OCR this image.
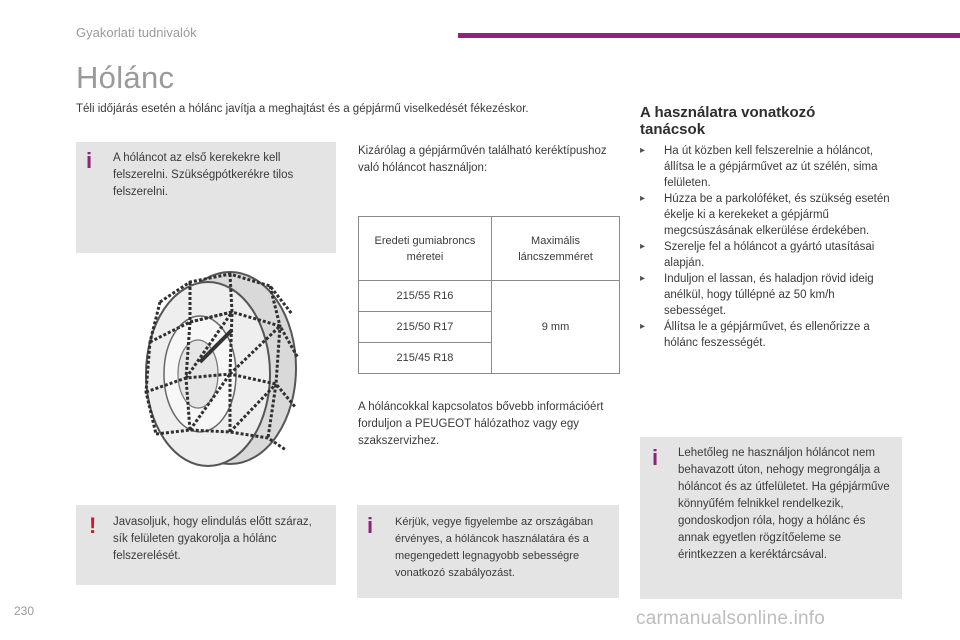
Gyakorlati tudnivalók
Hólánc
Téli időjárás esetén a hólánc javítja a meghajtást és a gépjármű viselkedését fékezéskor.
i A hóláncot az első kerekekre kell felszerelni. Szükségpótkerékre tilos felszerelni.
! Javasoljuk, hogy elindulás előtt száraz, sík felületen gyakorolja a hólánc felszerelését.
Kizárólag a gépjárművén található keréktípushoz való hóláncot használjon:
Eredeti gumiabroncs méretei	Maximális láncszemméret
215/55 R16	9 mm
215/50 R17	
215/45 R18	
A hóláncokkal kapcsolatos bővebb információért forduljon a PEUGEOT hálózathoz vagy egy szakszervizhez.
i Kérjük, vegye figyelembe az országában érvényes, a hóláncok használatára és a megengedett legnagyobb sebességre vonatkozó szabályozást.
A használatra vonatkozó tanácsok
▸ Ha út közben kell felszerelnie a hóláncot, állítsa le a gépjárművet az út szélén, sima felületen.
▸ Húzza be a parkolóféket, és szükség esetén ékelje ki a kerekeket a gépjármű megcsúszásának elkerülése érdekében.
▸ Szerelje fel a hóláncot a gyártó utasításai alapján.
▸ Induljon el lassan, és haladjon rövid ideig anélkül, hogy túllépné az 50 km/h sebességet.
▸ Állítsa le a gépjárművet, és ellenőrizze a hólánc feszességét.
i Lehetőleg ne használjon hóláncot nem behavazott úton, nehogy megrongálja a hóláncot és az útfelületet. Ha gépjárműve könnyűfém felnikkel rendelkezik, gondoskodjon róla, hogy a hólánc és annak egyetlen rögzítőeleme se érintkezzen a keréktárcsával.
230	carmanualsonline.info
